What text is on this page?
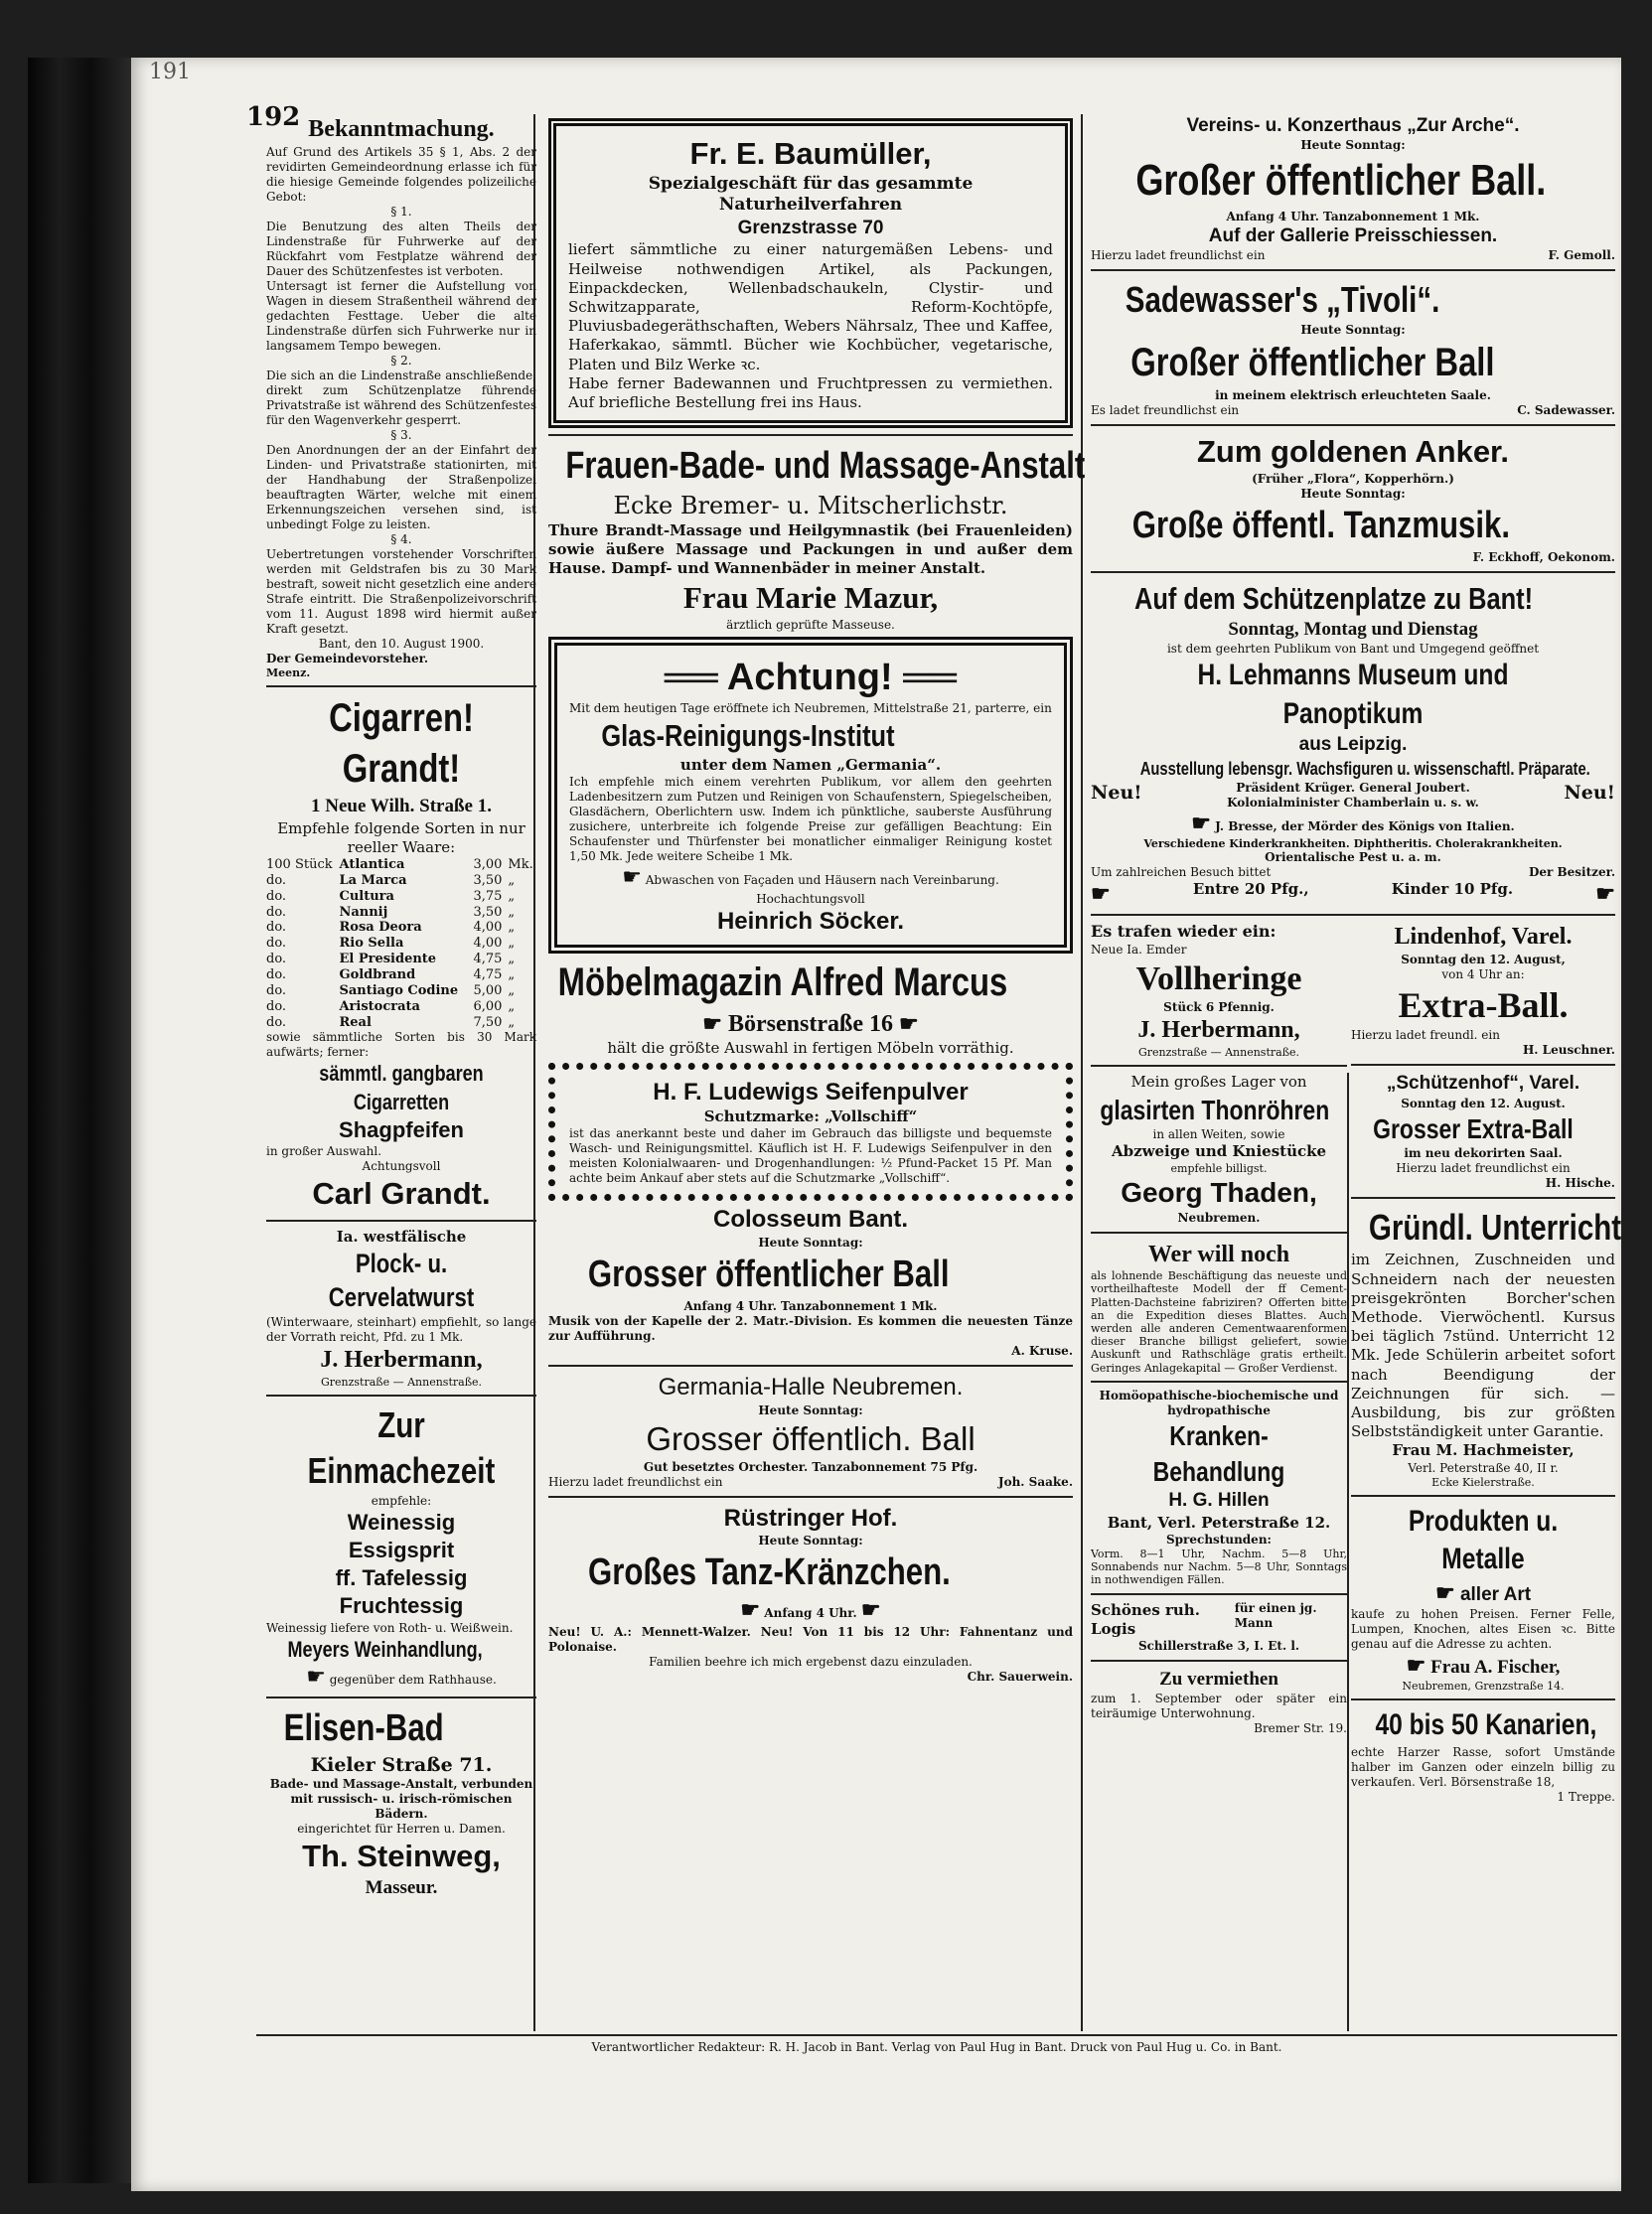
191
192 Bekanntmachung.

Auf Grund des Artikels 35 § 1, Abs. 2 der revidirten Gemeindeordnung erlasse ich für die hiesige Gemeinde folgendes polizeiliche Gebot:

§ 1.

Die Benutzung des alten Theils der Lindenstraße für Fuhrwerke auf der Rückfahrt vom Festplatze während der Dauer des Schützenfestes ist verboten.

Untersagt ist ferner die Aufstellung von Wagen in diesem Straßentheil während der gedachten Festtage. Ueber die alte Lindenstraße dürfen sich Fuhrwerke nur in langsamem Tempo bewegen.

§ 2.

Die sich an die Lindenstraße anschließende, direkt zum Schützenplatze führende Privatstraße ist während des Schützenfestes für den Wagenverkehr gesperrt.

§ 3.

Den Anordnungen der an der Einfahrt der Linden- und Privatstraße stationirten, mit der Handhabung der Straßenpolizei beauftragten Wärter, welche mit einem Erkennungszeichen versehen sind, ist unbedingt Folge zu leisten.

§ 4.

Uebertretungen vorstehender Vorschriften werden mit Geldstrafen bis zu 30 Mark bestraft, soweit nicht gesetzlich eine andere Strafe eintritt. Die Straßenpolizeivorschrift vom 11. August 1898 wird hiermit außer Kraft gesetzt.

Bant, den 10. August 1900.

Der Gemeindevorsteher.

Meenz.

Cigarren! Grandt!

1 Neue Wilh. Straße 1.

Empfehle folgende Sorten in nur reeller Waare:

100 Stück	Atlantica	3,00	Mk.
do.	La Marca	3,50	„
do.	Cultura	3,75	„
do.	Nannij	3,50	„
do.	Rosa Deora	4,00	„
do.	Rio Sella	4,00	„
do.	El Presidente	4,75	„
do.	Goldbrand	4,75	„
do.	Santiago Codine	5,00	„
do.	Aristocrata	6,00	„
do.	Real	7,50	„

sowie sämmtliche Sorten bis 30 Mark aufwärts; ferner:

sämmtl. gangbaren Cigarretten

Shagpfeifen

in großer Auswahl.

Achtungsvoll

Carl Grandt.

Ia. westfälische

Plock- u. Cervelatwurst

(Winterwaare, steinhart) empfiehlt, so lange der Vorrath reicht, Pfd. zu 1 Mk.

J. Herbermann,

Grenzstraße — Annenstraße.

Zur Einmachezeit

empfehle:

Weinessig

Essigsprit

ff. Tafelessig

Fruchtessig

Weinessig liefere von Roth- u. Weißwein.

Meyers Weinhandlung,

☛ gegenüber dem Rathhause.

Elisen-Bad

Kieler Straße 71.

Bade- und Massage-Anstalt, verbunden mit russisch- u. irisch-römischen Bädern.

eingerichtet für Herren u. Damen.

Th. Steinweg,

Masseur.

Fr. E. Baumüller,

Spezialgeschäft für das gesammte Naturheilverfahren

Grenzstrasse 70

liefert sämmtliche zu einer naturgemäßen Lebens- und Heilweise nothwendigen Artikel, als Packungen, Einpackdecken, Wellenbadschaukeln, Clystir- und Schwitzapparate, Reform-Kochtöpfe, Pluviusbadegeräthschaften, Webers Nährsalz, Thee und Kaffee, Haferkakao, sämmtl. Bücher wie Kochbücher, vegetarische, Platen und Bilz Werke ꝛc.

Habe ferner Badewannen und Fruchtpressen zu vermiethen. Auf briefliche Bestellung frei ins Haus.

Frauen-Bade- und Massage-Anstalt

Ecke Bremer- u. Mitscherlichstr.

Thure Brandt-Massage und Heilgymnastik (bei Frauenleiden) sowie äußere Massage und Packungen in und außer dem Hause. Dampf- und Wannenbäder in meiner Anstalt.

Frau Marie Mazur,

ärztlich geprüfte Masseuse.

══ Achtung! ══

Mit dem heutigen Tage eröffnete ich Neubremen, Mittelstraße 21, parterre, ein

Glas-Reinigungs-Institut

unter dem Namen „Germania“.

Ich empfehle mich einem verehrten Publikum, vor allem den geehrten Ladenbesitzern zum Putzen und Reinigen von Schaufenstern, Spiegelscheiben, Glasdächern, Oberlichtern usw. Indem ich pünktliche, sauberste Ausführung zusichere, unterbreite ich folgende Preise zur gefälligen Beachtung: Ein Schaufenster und Thürfenster bei monatlicher einmaliger Reinigung kostet 1,50 Mk. Jede weitere Scheibe 1 Mk.

☛ Abwaschen von Façaden und Häusern nach Vereinbarung.

Hochachtungsvoll

Heinrich Söcker.

Möbelmagazin Alfred Marcus

☛ Börsenstraße 16 ☛

hält die größte Auswahl in fertigen Möbeln vorräthig.

H. F. Ludewigs Seifenpulver

Schutzmarke: „Vollschiff“

ist das anerkannt beste und daher im Gebrauch das billigste und bequemste Wasch- und Reinigungsmittel. Käuflich ist H. F. Ludewigs Seifenpulver in den meisten Kolonialwaaren- und Drogenhandlungen: ½ Pfund-Packet 15 Pf. Man achte beim Ankauf aber stets auf die Schutzmarke „Vollschiff“.

Colosseum Bant.

Heute Sonntag:

Grosser öffentlicher Ball

Anfang 4 Uhr. Tanzabonnement 1 Mk.

Musik von der Kapelle der 2. Matr.-Division. Es kommen die neuesten Tänze zur Aufführung.

A. Kruse.

Germania-Halle Neubremen.

Heute Sonntag:

Grosser öffentlich. Ball

Gut besetztes Orchester. Tanzabonnement 75 Pfg.

Hierzu ladet freundlichst ein	Joh. Saake.

Rüstringer Hof.

Heute Sonntag:

Großes Tanz-Kränzchen.

☛ Anfang 4 Uhr. ☛

Neu! U. A.: Mennett-Walzer. Neu! Von 11 bis 12 Uhr: Fahnentanz und Polonaise.

Familien beehre ich mich ergebenst dazu einzuladen.

Chr. Sauerwein.

Vereins- u. Konzerthaus „Zur Arche“.

Heute Sonntag:

Großer öffentlicher Ball.

Anfang 4 Uhr. Tanzabonnement 1 Mk.

Auf der Gallerie Preisschiessen.

Hierzu ladet freundlichst ein	F. Gemoll.

Sadewasser's „Tivoli“.

Heute Sonntag:

Großer öffentlicher Ball

in meinem elektrisch erleuchteten Saale.

Es ladet freundlichst ein	C. Sadewasser.

Zum goldenen Anker.

(Früher „Flora“, Kopperhörn.)

Heute Sonntag:

Große öffentl. Tanzmusik.

F. Eckhoff, Oekonom.

Auf dem Schützenplatze zu Bant!

Sonntag, Montag und Dienstag

ist dem geehrten Publikum von Bant und Umgegend geöffnet

H. Lehmanns Museum und Panoptikum

aus Leipzig.

Ausstellung lebensgr. Wachsfiguren u. wissenschaftl. Präparate.

Neu!	Präsident Krüger. General Joubert.
Kolonialminister Chamberlain u. s. w.	Neu!

☛ J. Bresse, der Mörder des Königs von Italien.

Verschiedene Kinderkrankheiten. Diphtheritis. Cholerakrankheiten.

Orientalische Pest u. a. m.

Um zahlreichen Besuch bittet	Der Besitzer.

☛	Entre 20 Pfg.,	Kinder 10 Pfg.	☛

Es trafen wieder ein:

Neue Ia. Emder

Vollheringe

Stück 6 Pfennig.

J. Herbermann,

Grenzstraße — Annenstraße.

Mein großes Lager von

glasirten Thonröhren

in allen Weiten, sowie

Abzweige und Kniestücke

empfehle billigst.

Georg Thaden,

Neubremen.

Wer will noch

als lohnende Beschäftigung das neueste und vortheilhafteste Modell der ff Cement-Platten-Dachsteine fabriziren? Offerten bitte an die Expedition dieses Blattes. Auch werden alle anderen Cementwaarenformen dieser Branche billigst geliefert, sowie Auskunft und Rathschläge gratis ertheilt. Geringes Anlagekapital — Großer Verdienst.

Homöopathische-biochemische und hydropathische

Kranken-Behandlung

H. G. Hillen

Bant, Verl. Peterstraße 12.

Sprechstunden:

Vorm. 8—1 Uhr, Nachm. 5—8 Uhr, Sonnabends nur Nachm. 5—8 Uhr, Sonntags in nothwendigen Fällen.

Schönes ruh. Logis
für einen jg. Mann

Schillerstraße 3, I. Et. l.

Zu vermiethen

zum 1. September oder später ein teiräumige Unterwohnung.

Bremer Str. 19.

Lindenhof, Varel.

Sonntag den 12. August,

von 4 Uhr an:

Extra-Ball.

Hierzu ladet freundl. ein

H. Leuschner.

„Schützenhof“, Varel.

Sonntag den 12. August.

Grosser Extra-Ball

im neu dekorirten Saal.

Hierzu ladet freundlichst ein

H. Hische.

Gründl. Unterricht

im Zeichnen, Zuschneiden und Schneidern nach der neuesten preisgekrönten Borcher'schen Methode. Vierwöchentl. Kursus bei täglich 7stünd. Unterricht 12 Mk. Jede Schülerin arbeitet sofort nach Beendigung der Zeichnungen für sich. — Ausbildung, bis zur größten Selbstständigkeit unter Garantie.

Frau M. Hachmeister,

Verl. Peterstraße 40, II r.

Ecke Kielerstraße.

Produkten u. Metalle

☛ aller Art

kaufe zu hohen Preisen. Ferner Felle, Lumpen, Knochen, altes Eisen ꝛc. Bitte genau auf die Adresse zu achten.

☛ Frau A. Fischer,

Neubremen, Grenzstraße 14.

40 bis 50 Kanarien,

echte Harzer Rasse, sofort Umstände halber im Ganzen oder einzeln billig zu verkaufen. Verl. Börsenstraße 18,

1 Treppe.

Verantwortlicher Redakteur: R. H. Jacob in Bant. Verlag von Paul Hug in Bant. Druck von Paul Hug u. Co. in Bant.
